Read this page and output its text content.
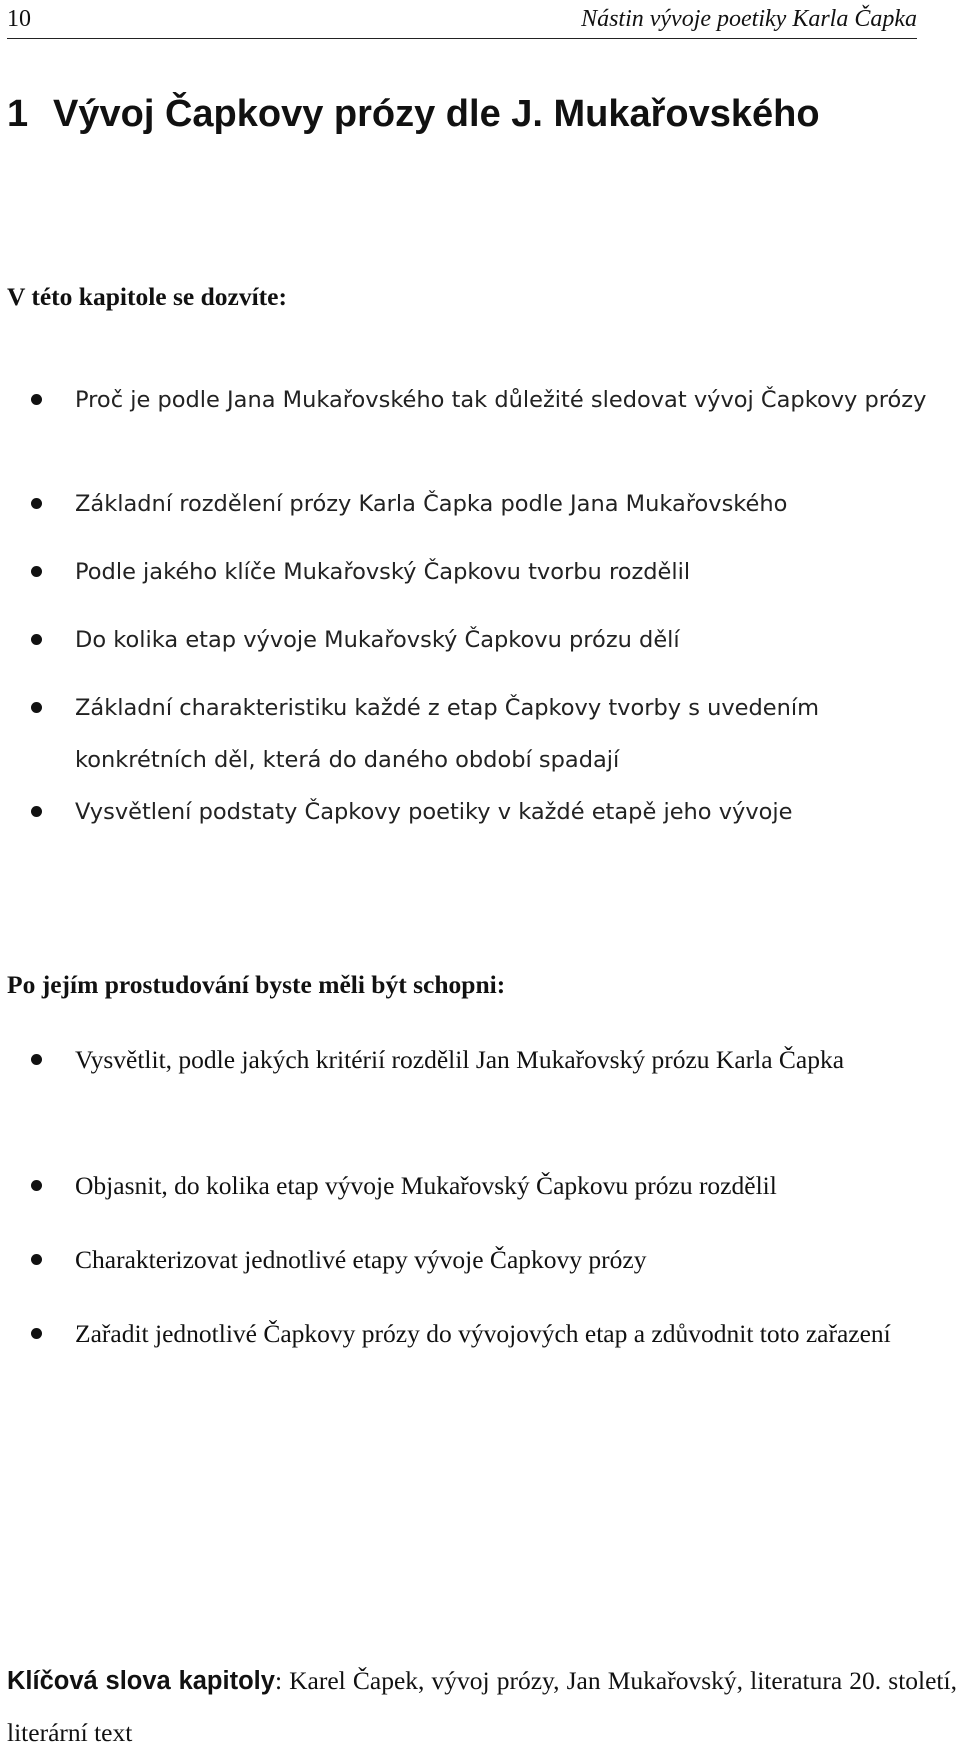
10	Nástin vývoje poetiky Karla Čapka
1 Vývoj Čapkovy prózy dle J. Mukařovského
V této kapitole se dozvíte:
Proč je podle Jana Mukařovského tak důležité sledovat vývoj Čapkovy prózy
Základní rozdělení prózy Karla Čapka podle Jana Mukařovského
Podle jakého klíče Mukařovský Čapkovu tvorbu rozdělil
Do kolika etap vývoje Mukařovský Čapkovu prózu dělí
Základní charakteristiku každé z etap Čapkovy tvorby s uvedením konkrétních děl, která do daného období spadají
Vysvětlení podstaty Čapkovy poetiky v každé etapě jeho vývoje
Po jejím prostudování byste měli být schopni:
Vysvětlit, podle jakých kritérií rozdělil Jan Mukařovský prózu Karla Čapka
Objasnit, do kolika etap vývoje Mukařovský Čapkovu prózu rozdělil
Charakterizovat jednotlivé etapy vývoje Čapkovy prózy
Zařadit jednotlivé Čapkovy prózy do vývojových etap a zdůvodnit toto zařazení
Klíčová slova kapitoly: Karel Čapek, vývoj prózy, Jan Mukařovský, literatura 20. století, literární text
